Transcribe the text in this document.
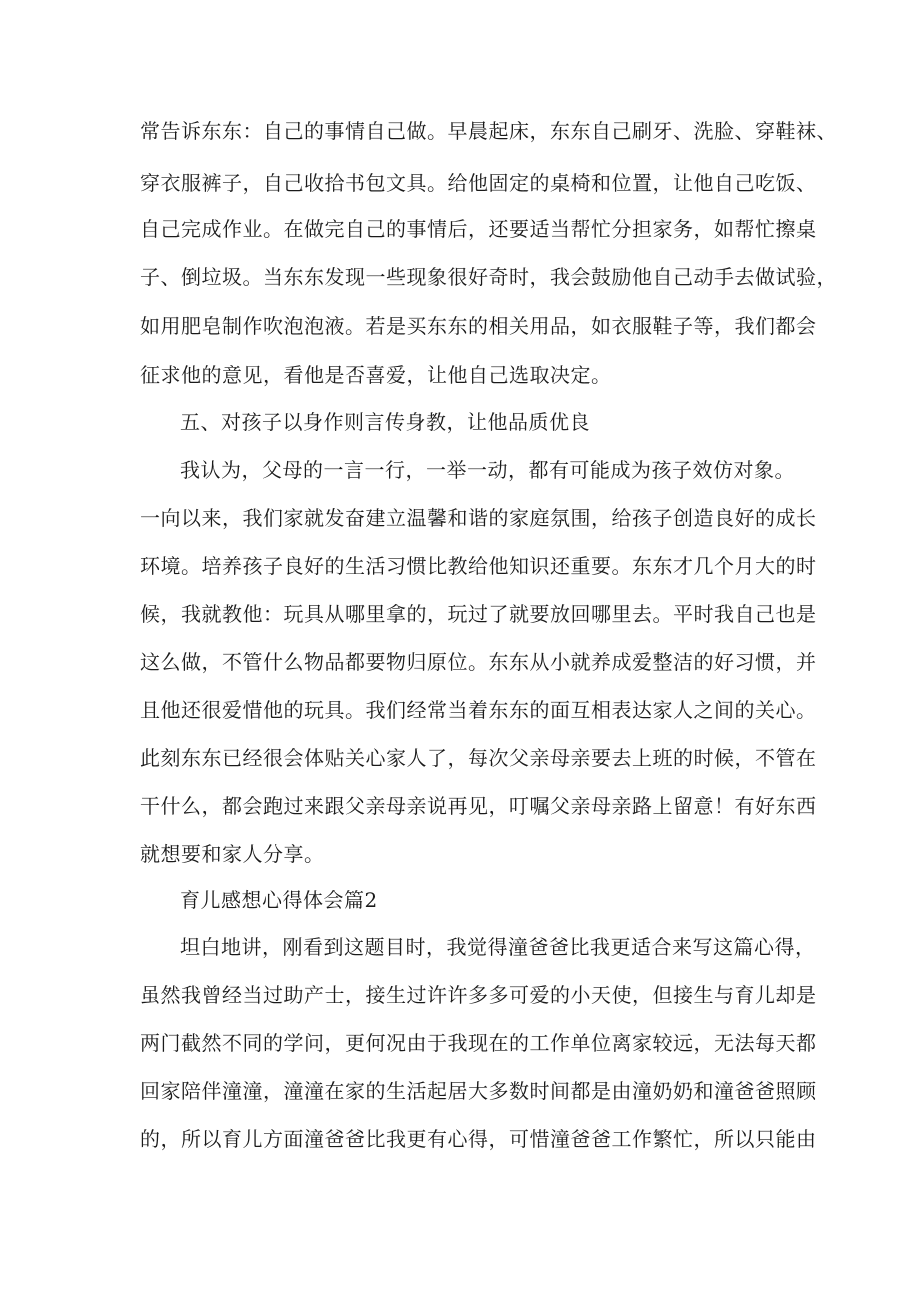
常告诉东东：自己的事情自己做。早晨起床，东东自己刷牙、洗脸、穿鞋袜、

穿衣服裤子，自己收拾书包文具。给他固定的桌椅和位置，让他自己吃饭、

自己完成作业。在做完自己的事情后，还要适当帮忙分担家务，如帮忙擦桌

子、倒垃圾。当东东发现一些现象很好奇时，我会鼓励他自己动手去做试验，

如用肥皂制作吹泡泡液。若是买东东的相关用品，如衣服鞋子等，我们都会

征求他的意见，看他是否喜爱，让他自己选取决定。

五、对孩子以身作则言传身教，让他品质优良

我认为，父母的一言一行，一举一动，都有可能成为孩子效仿对象。

一向以来，我们家就发奋建立温馨和谐的家庭氛围，给孩子创造良好的成长

环境。培养孩子良好的生活习惯比教给他知识还重要。东东才几个月大的时

候，我就教他：玩具从哪里拿的，玩过了就要放回哪里去。平时我自己也是

这么做，不管什么物品都要物归原位。东东从小就养成爱整洁的好习惯，并

且他还很爱惜他的玩具。我们经常当着东东的面互相表达家人之间的关心。

此刻东东已经很会体贴关心家人了，每次父亲母亲要去上班的时候，不管在

干什么，都会跑过来跟父亲母亲说再见，叮嘱父亲母亲路上留意！有好东西

就想要和家人分享。

育儿感想心得体会篇2

坦白地讲，刚看到这题目时，我觉得潼爸爸比我更适合来写这篇心得，

虽然我曾经当过助产士，接生过许许多多可爱的小天使，但接生与育儿却是

两门截然不同的学问，更何况由于我现在的工作单位离家较远，无法每天都

回家陪伴潼潼，潼潼在家的生活起居大多数时间都是由潼奶奶和潼爸爸照顾

的，所以育儿方面潼爸爸比我更有心得，可惜潼爸爸工作繁忙，所以只能由
